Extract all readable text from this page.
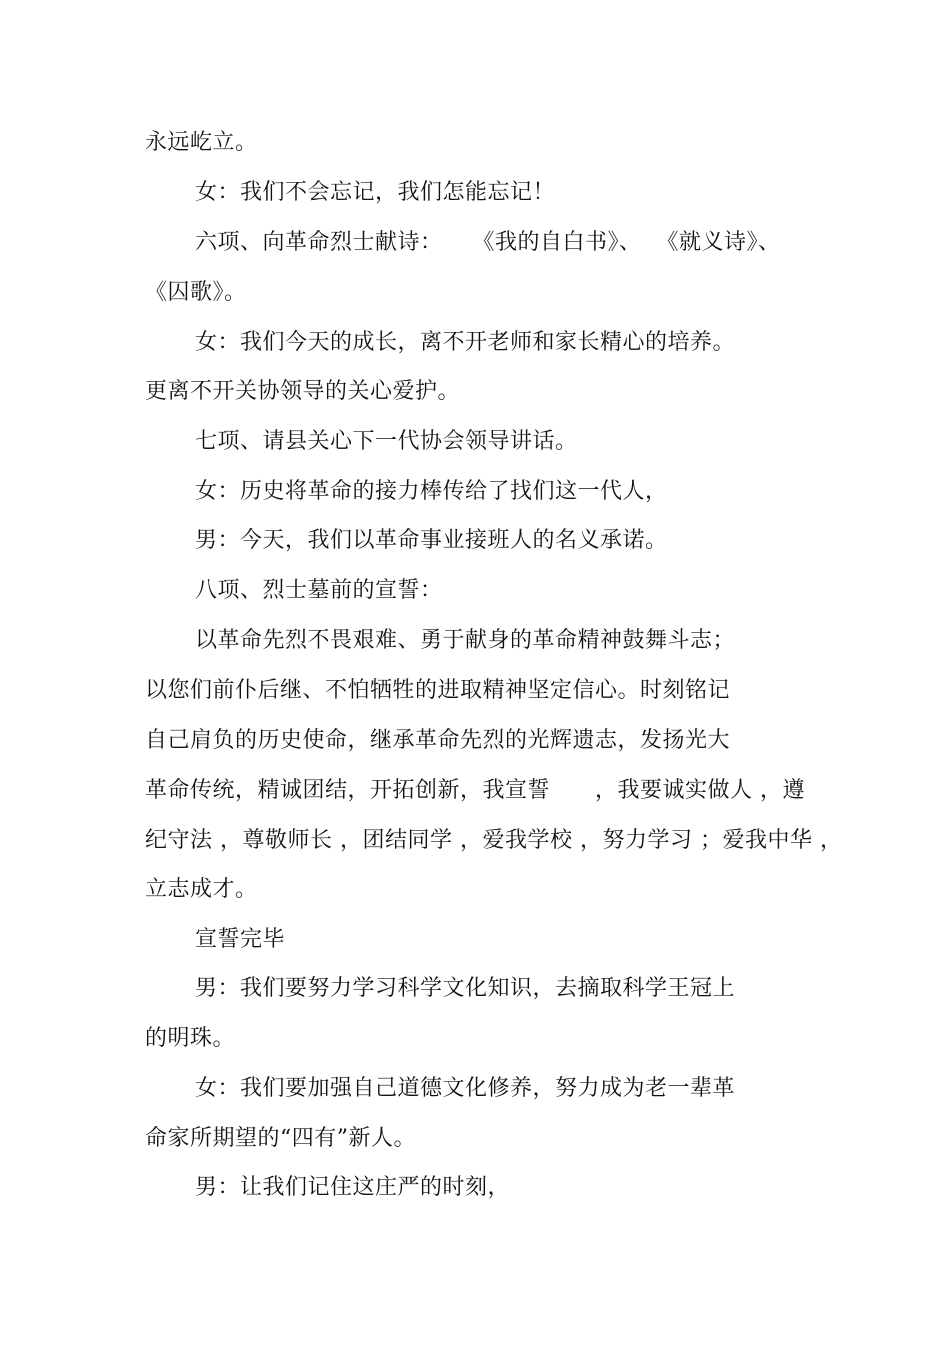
永远屹立。

女：我们不会忘记，我们怎能忘记！

六项、向革命烈士献诗：    《我的自白书》、  《就义诗》、

《囚歌》。

女：我们今天的成长，离不开老师和家长精心的培养。

更离不开关协领导的关心爱护。

七项、请县关心下一代协会领导讲话。

女：历史将革命的接力棒传给了找们这一代人，

男：今天，我们以革命事业接班人的名义承诺。

八项、烈士墓前的宣誓：

以革命先烈不畏艰难、勇于献身的革命精神鼓舞斗志；

以您们前仆后继、不怕牺牲的进取精神坚定信心。时刻铭记

自己肩负的历史使命，继承革命先烈的光辉遗志，发扬光大

革命传统，精诚团结，开拓创新，我宣誓      ，我要诚实做人 ，遵

纪守法 ，尊敬师长 ，团结同学 ，爱我学校 ，努力学习 ；爱我中华 ，

立志成才。

宣誓完毕

男：我们要努力学习科学文化知识，去摘取科学王冠上

的明珠。

女：我们要加强自己道德文化修养，努力成为老一辈革

命家所期望的“四有”新人。

男：让我们记住这庄严的时刻，
